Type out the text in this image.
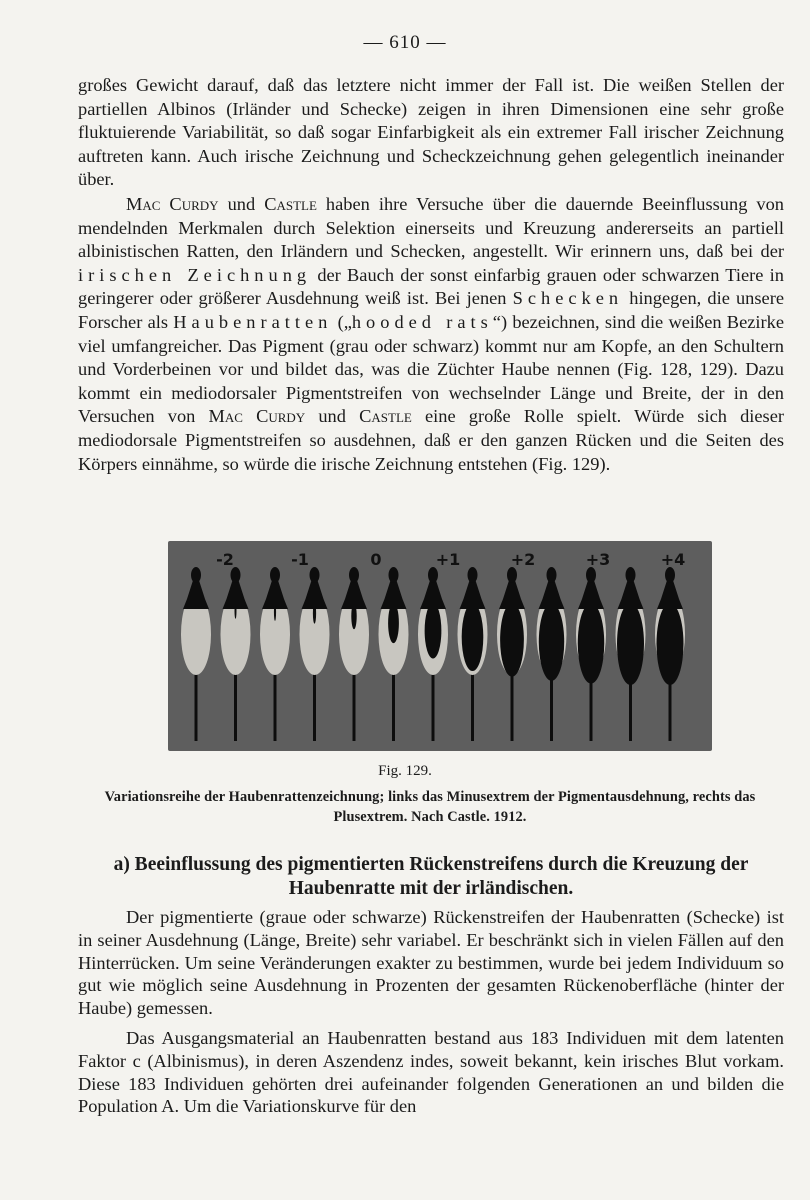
— 610 —

großes Gewicht darauf, daß das letztere nicht immer der Fall ist. Die weißen Stellen der partiellen Albinos (Irländer und Schecke) zeigen in ihren Dimensionen eine sehr große fluktuierende Variabilität, so daß sogar Einfarbigkeit als ein extremer Fall irischer Zeichnung auftreten kann. Auch irische Zeichnung und Scheckzeichnung gehen gelegentlich ineinander über.

Mac Curdy und Castle haben ihre Versuche über die dauernde Beeinflussung von mendelnden Merkmalen durch Selektion einerseits und Kreuzung andererseits an partiell albinistischen Ratten, den Irländern und Schecken, angestellt. Wir erinnern uns, daß bei der irischen Zeichnung der Bauch der sonst einfarbig grauen oder schwarzen Tiere in geringerer oder größerer Ausdehnung weiß ist. Bei jenen Schecken hingegen, die unsere Forscher als Haubenratten („hooded rats“) bezeichnen, sind die weißen Bezirke viel umfangreicher. Das Pigment (grau oder schwarz) kommt nur am Kopfe, an den Schultern und Vorderbeinen vor und bildet das, was die Züchter Haube nennen (Fig. 128, 129). Dazu kommt ein mediodorsaler Pigmentstreifen von wechselnder Länge und Breite, der in den Versuchen von Mac Curdy und Castle eine große Rolle spielt. Würde sich dieser mediodorsale Pigmentstreifen so ausdehnen, daß er den ganzen Rücken und die Seiten des Körpers einnähme, so würde die irische Zeichnung entstehen (Fig. 129).

-2	-1	0	+1	+2	+3	+4
Fig. 129.
Variationsreihe der Haubenrattenzeichnung; links das Minusextrem der Pigmentausdehnung, rechts das Plusextrem. Nach Castle. 1912.
a) Beeinflussung des pigmentierten Rückenstreifens durch die Kreuzung der Haubenratte mit der irländischen.

Der pigmentierte (graue oder schwarze) Rückenstreifen der Haubenratten (Schecke) ist in seiner Ausdehnung (Länge, Breite) sehr variabel. Er beschränkt sich in vielen Fällen auf den Hinterrücken. Um seine Veränderungen exakter zu bestimmen, wurde bei jedem Individuum so gut wie möglich seine Ausdehnung in Prozenten der gesamten Rückenoberfläche (hinter der Haube) gemessen.

Das Ausgangsmaterial an Haubenratten bestand aus 183 Individuen mit dem latenten Faktor c (Albinismus), in deren Aszendenz indes, soweit bekannt, kein irisches Blut vorkam. Diese 183 Individuen gehörten drei aufeinander folgenden Generationen an und bilden die Population A. Um die Variationskurve für den
